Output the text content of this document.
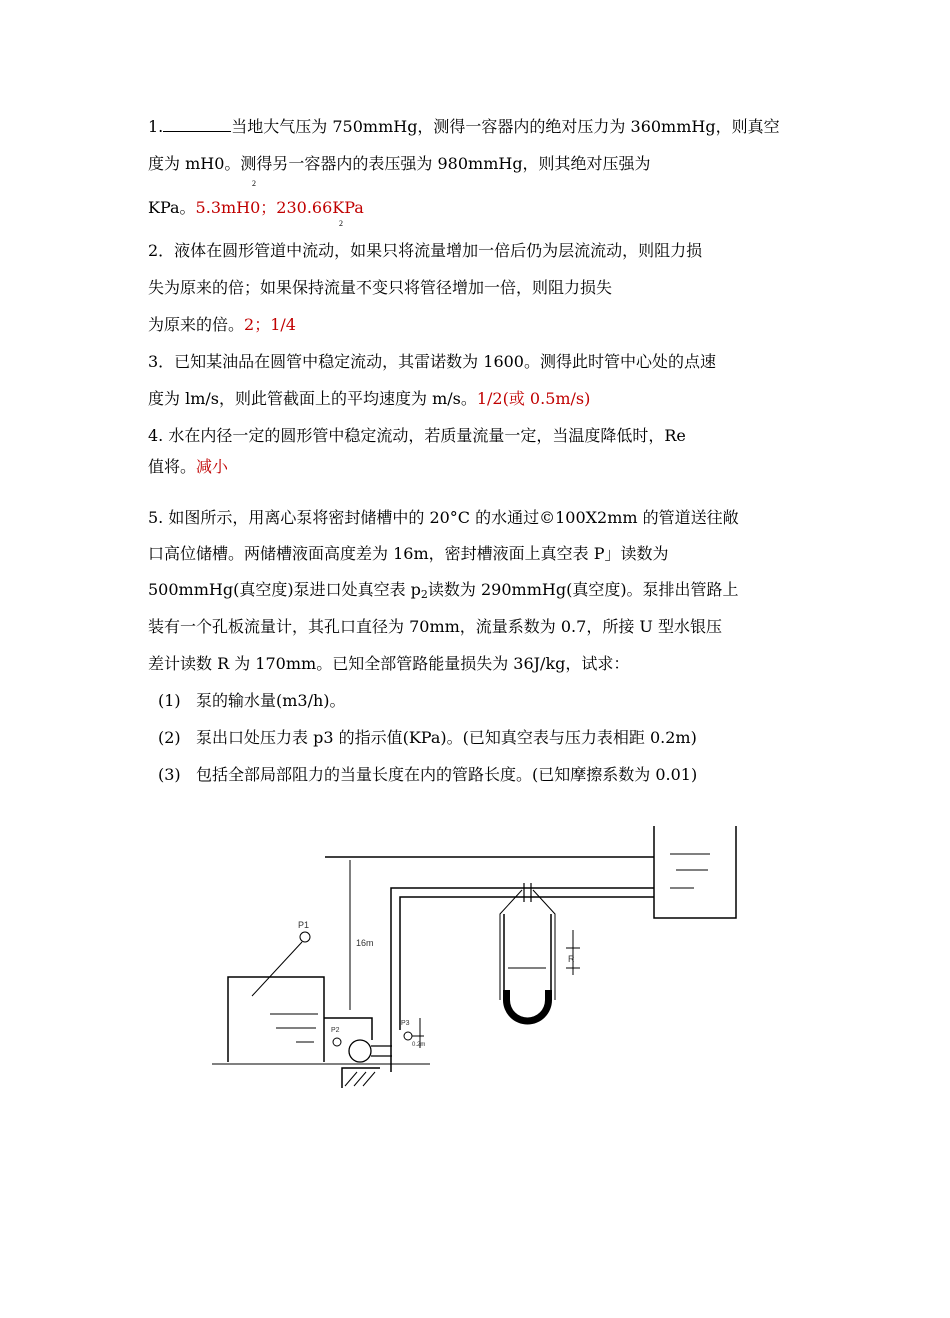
1.	当地大气压为 750mmHg，测得一容器内的绝对压力为 360mmHg，则真空
度为 mH0。测得另一容器内的表压强为 980mmHg，则其绝对压强为
2
KPa。5.3mH0；230.66KPa
2
2．液体在圆形管道中流动，如果只将流量增加一倍后仍为层流流动，则阻力损
失为原来的倍；如果保持流量不变只将管径增加一倍，则阻力损失
为原来的倍。2；1/4
3．已知某油品在圆管中稳定流动，其雷诺数为 1600。测得此时管中心处的点速
度为 lm/s，则此管截面上的平均速度为 m/s。1/2(或 0.5m/s)
4. 水在内径一定的圆形管中稳定流动，若质量流量一定，当温度降低时，Re
值将。减小
5. 如图所示，用离心泵将密封储槽中的 20°C 的水通过©100X2mm 的管道送往敞
口高位储槽。两储槽液面高度差为 16m，密封槽液面上真空表 P」读数为
500mmHg(真空度)泵进口处真空表 p2读数为 290mmHg(真空度)。泵排出管路上
装有一个孔板流量计，其孔口直径为 70mm，流量系数为 0.7，所接 U 型水银压
差计读数 R 为 170mm。已知全部管路能量损失为 36J/kg，试求：
(1) 泵的输水量(m3/h)。
(2) 泵出口处压力表 p3 的指示值(KPa)。(已知真空表与压力表相距 0.2m)
(3) 包括全部局部阻力的当量长度在内的管路长度。(已知摩擦系数为 0.01)
P1
16m
P2
P3
0.2m
R
